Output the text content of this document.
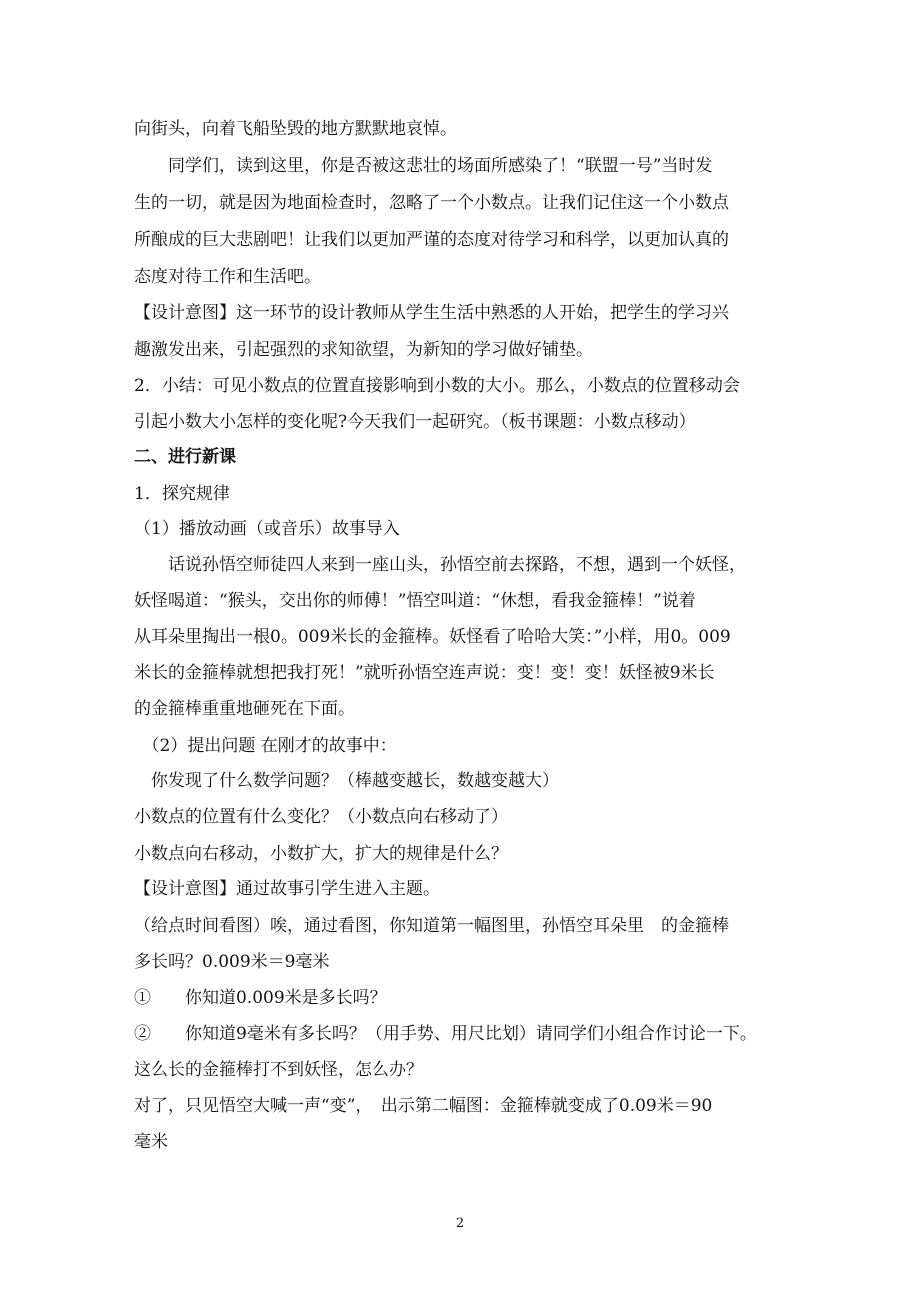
向街头，向着飞船坠毁的地方默默地哀悼。
　　同学们，读到这里，你是否被这悲壮的场面所感染了！“联盟一号”当时发
生的一切，就是因为地面检查时，忽略了一个小数点。让我们记住这一个小数点
所酿成的巨大悲剧吧！让我们以更加严谨的态度对待学习和科学，以更加认真的
态度对待工作和生活吧。
【设计意图】这一环节的设计教师从学生生活中熟悉的人开始，把学生的学习兴
趣激发出来，引起强烈的求知欲望，为新知的学习做好铺垫。
2．小结：可见小数点的位置直接影响到小数的大小。那么，小数点的位置移动会
引起小数大小怎样的变化呢?今天我们一起研究。（板书课题：小数点移动）
二、进行新课
1．探究规律
（1）播放动画（或音乐）故事导入
　　话说孙悟空师徒四人来到一座山头，孙悟空前去探路，不想，遇到一个妖怪，
妖怪喝道：“猴头，交出你的师傅！”悟空叫道：“休想，看我金箍棒！”说着
从耳朵里掏出一根0。009米长的金箍棒。妖怪看了哈哈大笑：”小样，用0。009
米长的金箍棒就想把我打死！”就听孙悟空连声说：变！变！变！妖怪被9米长
的金箍棒重重地砸死在下面。
　（2）提出问题 在刚才的故事中：
　你发现了什么数学问题？（棒越变越长，数越变越大）
小数点的位置有什么变化？（小数点向右移动了）
小数点向右移动，小数扩大，扩大的规律是什么？
【设计意图】通过故事引学生进入主题。
（给点时间看图）唉，通过看图，你知道第一幅图里，孙悟空耳朵里　的金箍棒
多长吗？0.009米＝9毫米
①　　你知道0.009米是多长吗？
②　　你知道9毫米有多长吗？（用手势、用尺比划）请同学们小组合作讨论一下。
这么长的金箍棒打不到妖怪，怎么办？
对了，只见悟空大喊一声“变”，　出示第二幅图：金箍棒就变成了0.09米＝90
毫米
2
